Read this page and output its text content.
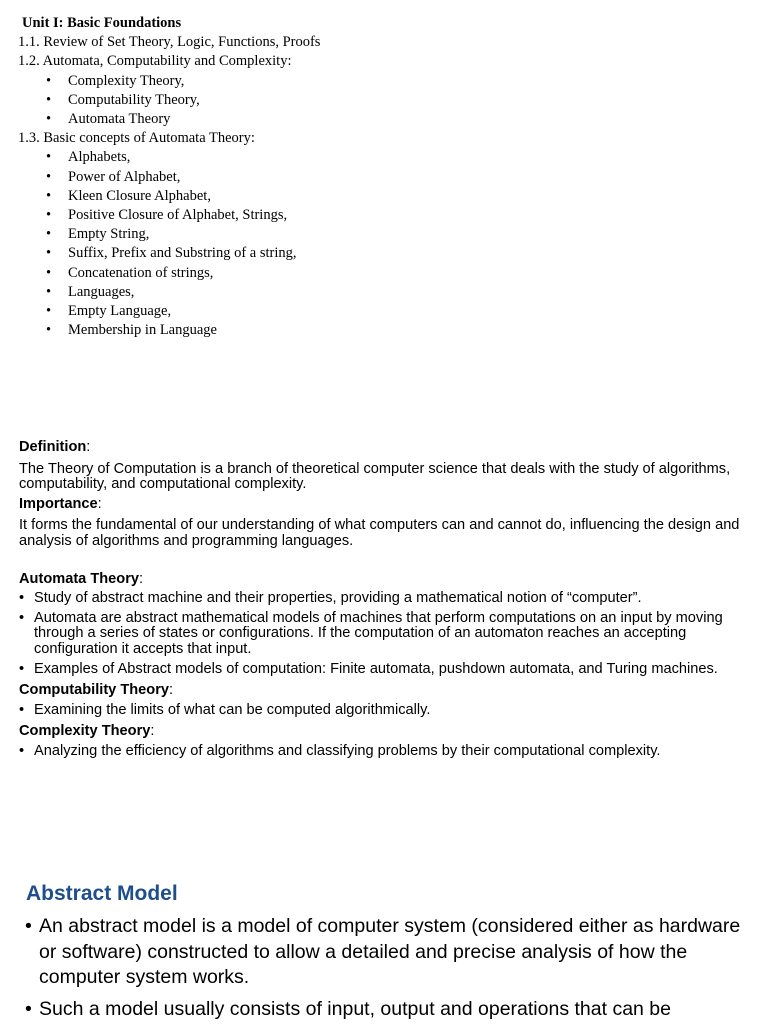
Unit I: Basic Foundations
1.1. Review of Set Theory, Logic, Functions, Proofs
1.2. Automata, Computability and Complexity:
• Complexity Theory,
• Computability Theory,
• Automata Theory
1.3. Basic concepts of Automata Theory:
• Alphabets,
• Power of Alphabet,
• Kleen Closure Alphabet,
• Positive Closure of Alphabet, Strings,
• Empty String,
• Suffix, Prefix and Substring of a string,
• Concatenation of strings,
• Languages,
• Empty Language,
• Membership in Language

Definition:

The Theory of Computation is a branch of theoretical computer science that deals with the study of algorithms, computability, and computational complexity.

Importance:

It forms the fundamental of our understanding of what computers can and cannot do, influencing the design and analysis of algorithms and programming languages.

Automata Theory:

• Study of abstract machine and their properties, providing a mathematical notion of “computer”.
• Automata are abstract mathematical models of machines that perform computations on an input by moving through a series of states or configurations. If the computation of an automaton reaches an accepting configuration it accepts that input.
• Examples of Abstract models of computation: Finite automata, pushdown automata, and Turing machines.

Computability Theory:

• Examining the limits of what can be computed algorithmically.

Complexity Theory:

• Analyzing the efficiency of algorithms and classifying problems by their computational complexity.
Abstract Model
• An abstract model is a model of computer system (considered either as hardware or software) constructed to allow a detailed and precise analysis of how the computer system works.
• Such a model usually consists of input, output and operations that can be
